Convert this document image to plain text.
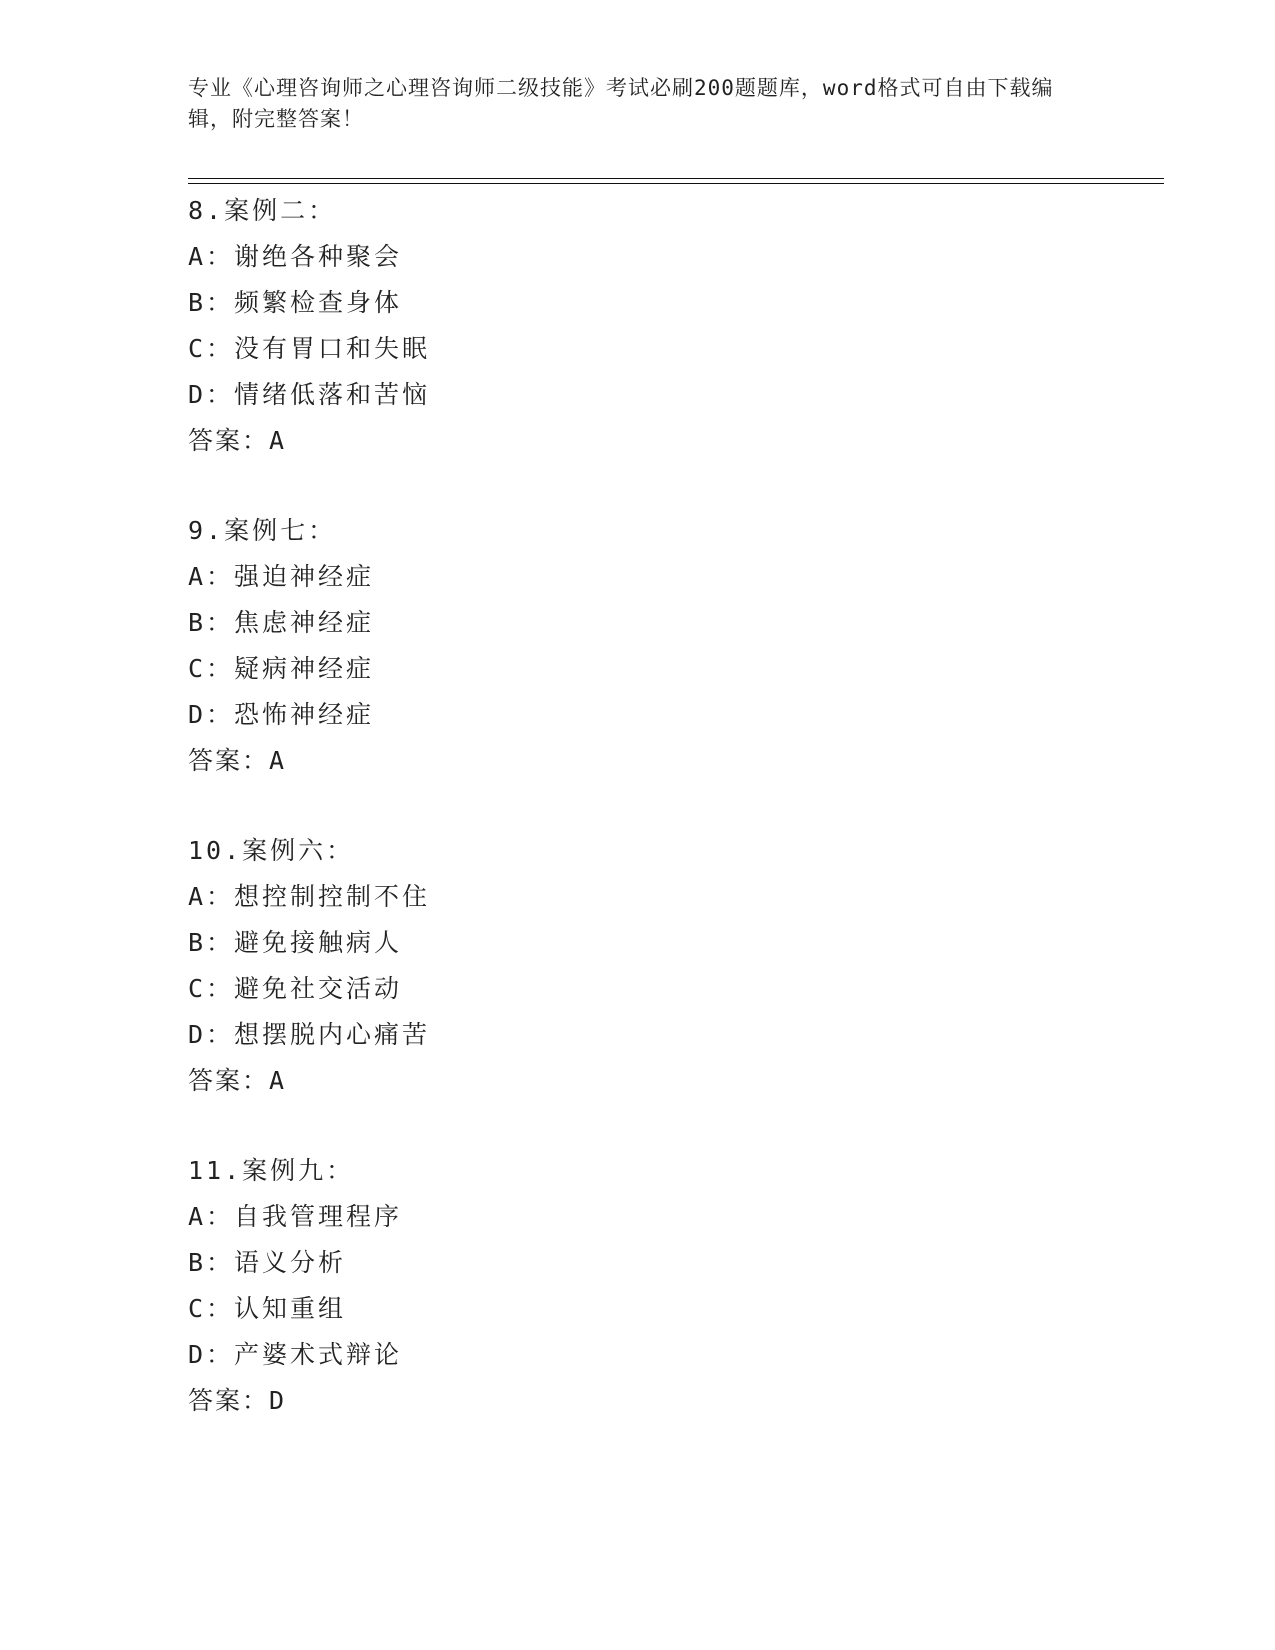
专业《心理咨询师之心理咨询师二级技能》考试必刷200题题库，word格式可自由下载编辑，附完整答案！
8.案例二：
A：谢绝各种聚会
B：频繁检查身体
C：没有胃口和失眠
D：情绪低落和苦恼
答案：A
9.案例七：
A：强迫神经症
B：焦虑神经症
C：疑病神经症
D：恐怖神经症
答案：A
10.案例六：
A：想控制控制不住
B：避免接触病人
C：避免社交活动
D：想摆脱内心痛苦
答案：A
11.案例九：
A：自我管理程序
B：语义分析
C：认知重组
D：产婆术式辩论
答案：D
